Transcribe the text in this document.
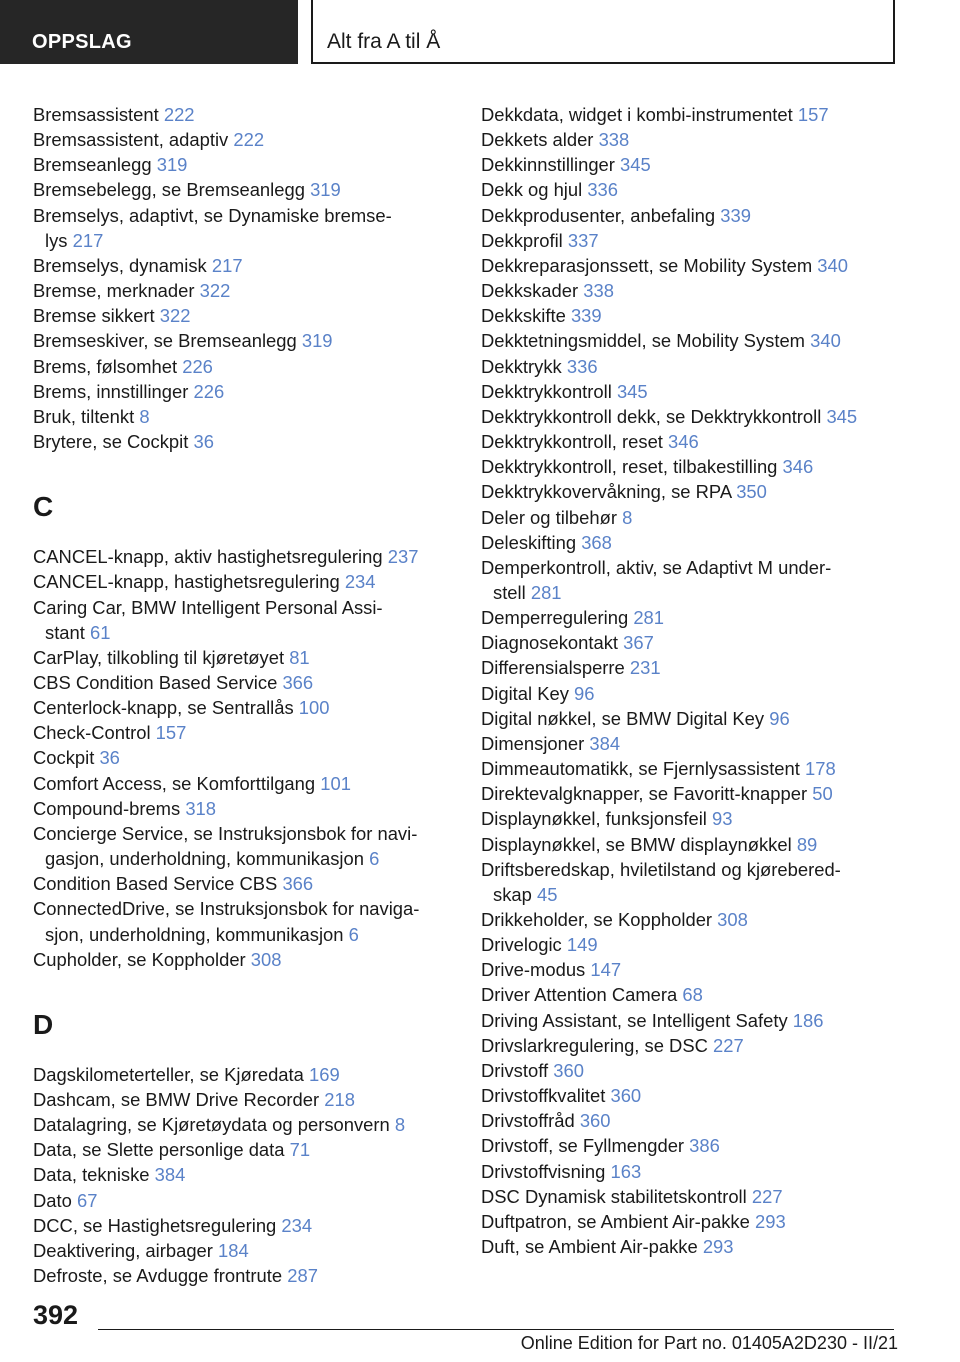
OPPSLAG	Alt fra A til Å
Bremsassistent 222
Bremsassistent, adaptiv 222
Bremseanlegg 319
Bremsebelegg, se Bremseanlegg 319
Bremselys, adaptivt, se Dynamiske bremse-
lys 217
Bremselys, dynamisk 217
Bremse, merknader 322
Bremse sikkert 322
Bremseskiver, se Bremseanlegg 319
Brems, følsomhet 226
Brems, innstillinger 226
Bruk, tiltenkt 8
Brytere, se Cockpit 36
C
CANCEL-knapp, aktiv hastighetsregulering 237
CANCEL-knapp, hastighetsregulering 234
Caring Car, BMW Intelligent Personal Assi-
stant 61
CarPlay, tilkobling til kjøretøyet 81
CBS Condition Based Service 366
Centerlock-knapp, se Sentrallås 100
Check-Control 157
Cockpit 36
Comfort Access, se Komforttilgang 101
Compound-brems 318
Concierge Service, se Instruksjonsbok for navi-
gasjon, underholdning, kommunikasjon 6
Condition Based Service CBS 366
ConnectedDrive, se Instruksjonsbok for naviga-
sjon, underholdning, kommunikasjon 6
Cupholder, se Koppholder 308
D
Dagskilometerteller, se Kjøredata 169
Dashcam, se BMW Drive Recorder 218
Datalagring, se Kjøretøydata og personvern 8
Data, se Slette personlige data 71
Data, tekniske 384
Dato 67
DCC, se Hastighetsregulering 234
Deaktivering, airbager 184
Defroste, se Avdugge frontrute 287
Dekkdata, widget i kombi-instrumentet 157
Dekkets alder 338
Dekkinnstillinger 345
Dekk og hjul 336
Dekkprodusenter, anbefaling 339
Dekkprofil 337
Dekkreparasjonssett, se Mobility System 340
Dekkskader 338
Dekkskifte 339
Dekktetningsmiddel, se Mobility System 340
Dekktrykk 336
Dekktrykkontroll 345
Dekktrykkontroll dekk, se Dekktrykkontroll 345
Dekktrykkontroll, reset 346
Dekktrykkontroll, reset, tilbakestilling 346
Dekktrykkovervåkning, se RPA 350
Deler og tilbehør 8
Deleskifting 368
Demperkontroll, aktiv, se Adaptivt M under-
stell 281
Demperregulering 281
Diagnosekontakt 367
Differensialsperre 231
Digital Key 96
Digital nøkkel, se BMW Digital Key 96
Dimensjoner 384
Dimmeautomatikk, se Fjernlysassistent 178
Direktevalgknapper, se Favoritt-knapper 50
Displaynøkkel, funksjonsfeil 93
Displaynøkkel, se BMW displaynøkkel 89
Driftsberedskap, hviletilstand og kjørebered-
skap 45
Drikkeholder, se Koppholder 308
Drivelogic 149
Drive-modus 147
Driver Attention Camera 68
Driving Assistant, se Intelligent Safety 186
Drivslarkregulering, se DSC 227
Drivstoff 360
Drivstoffkvalitet 360
Drivstoffråd 360
Drivstoff, se Fyllmengder 386
Drivstoffvisning 163
DSC Dynamisk stabilitetskontroll 227
Duftpatron, se Ambient Air-pakke 293
Duft, se Ambient Air-pakke 293
392
Online Edition for Part no. 01405A2D230 - II/21
